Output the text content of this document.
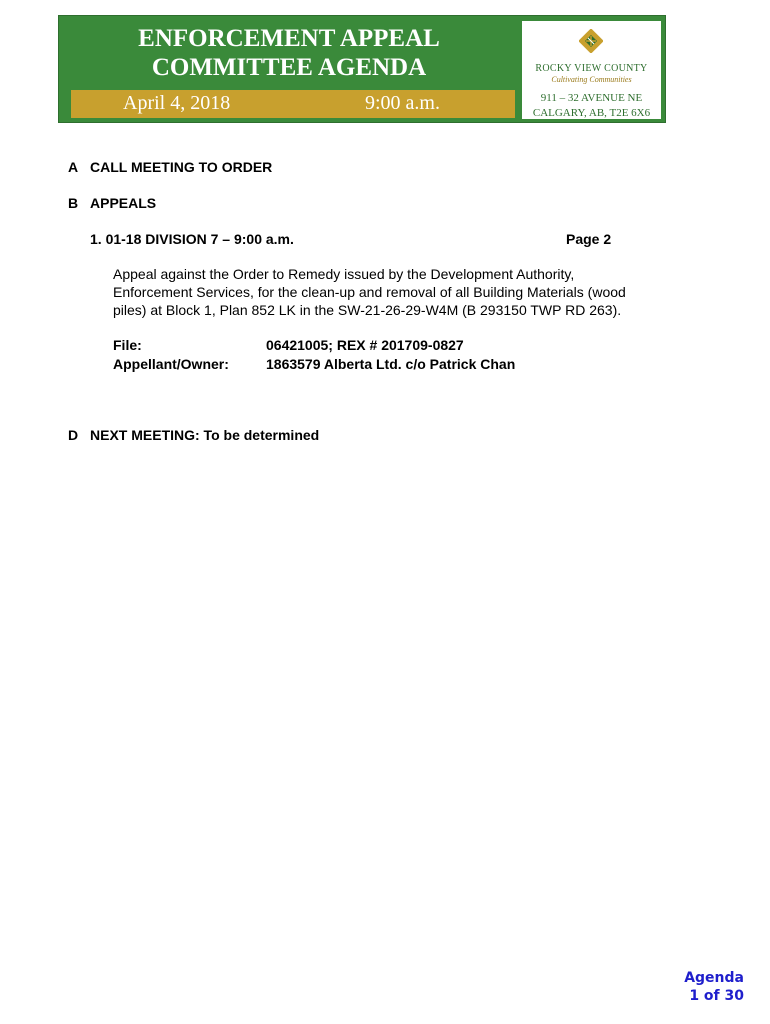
ENFORCEMENT APPEAL
COMMITTEE AGENDA
April 4, 2018	9:00 a.m.
ROCKY VIEW COUNTY
Cultivating Communities
911 – 32 AVENUE NE
CALGARY, AB, T2E 6X6
A CALL MEETING TO ORDER
B APPEALS
1. 01-18 DIVISION 7 – 9:00 a.m.	Page 2
Appeal against the Order to Remedy issued by the Development Authority,
Enforcement Services, for the clean-up and removal of all Building Materials (wood
piles) at Block 1, Plan 852 LK in the SW-21-26-29-W4M (B 293150 TWP RD 263).
File:	06421005; REX # 201709-0827
Appellant/Owner:	1863579 Alberta Ltd. c/o Patrick Chan
D NEXT MEETING: To be determined
Agenda
1 of 30
